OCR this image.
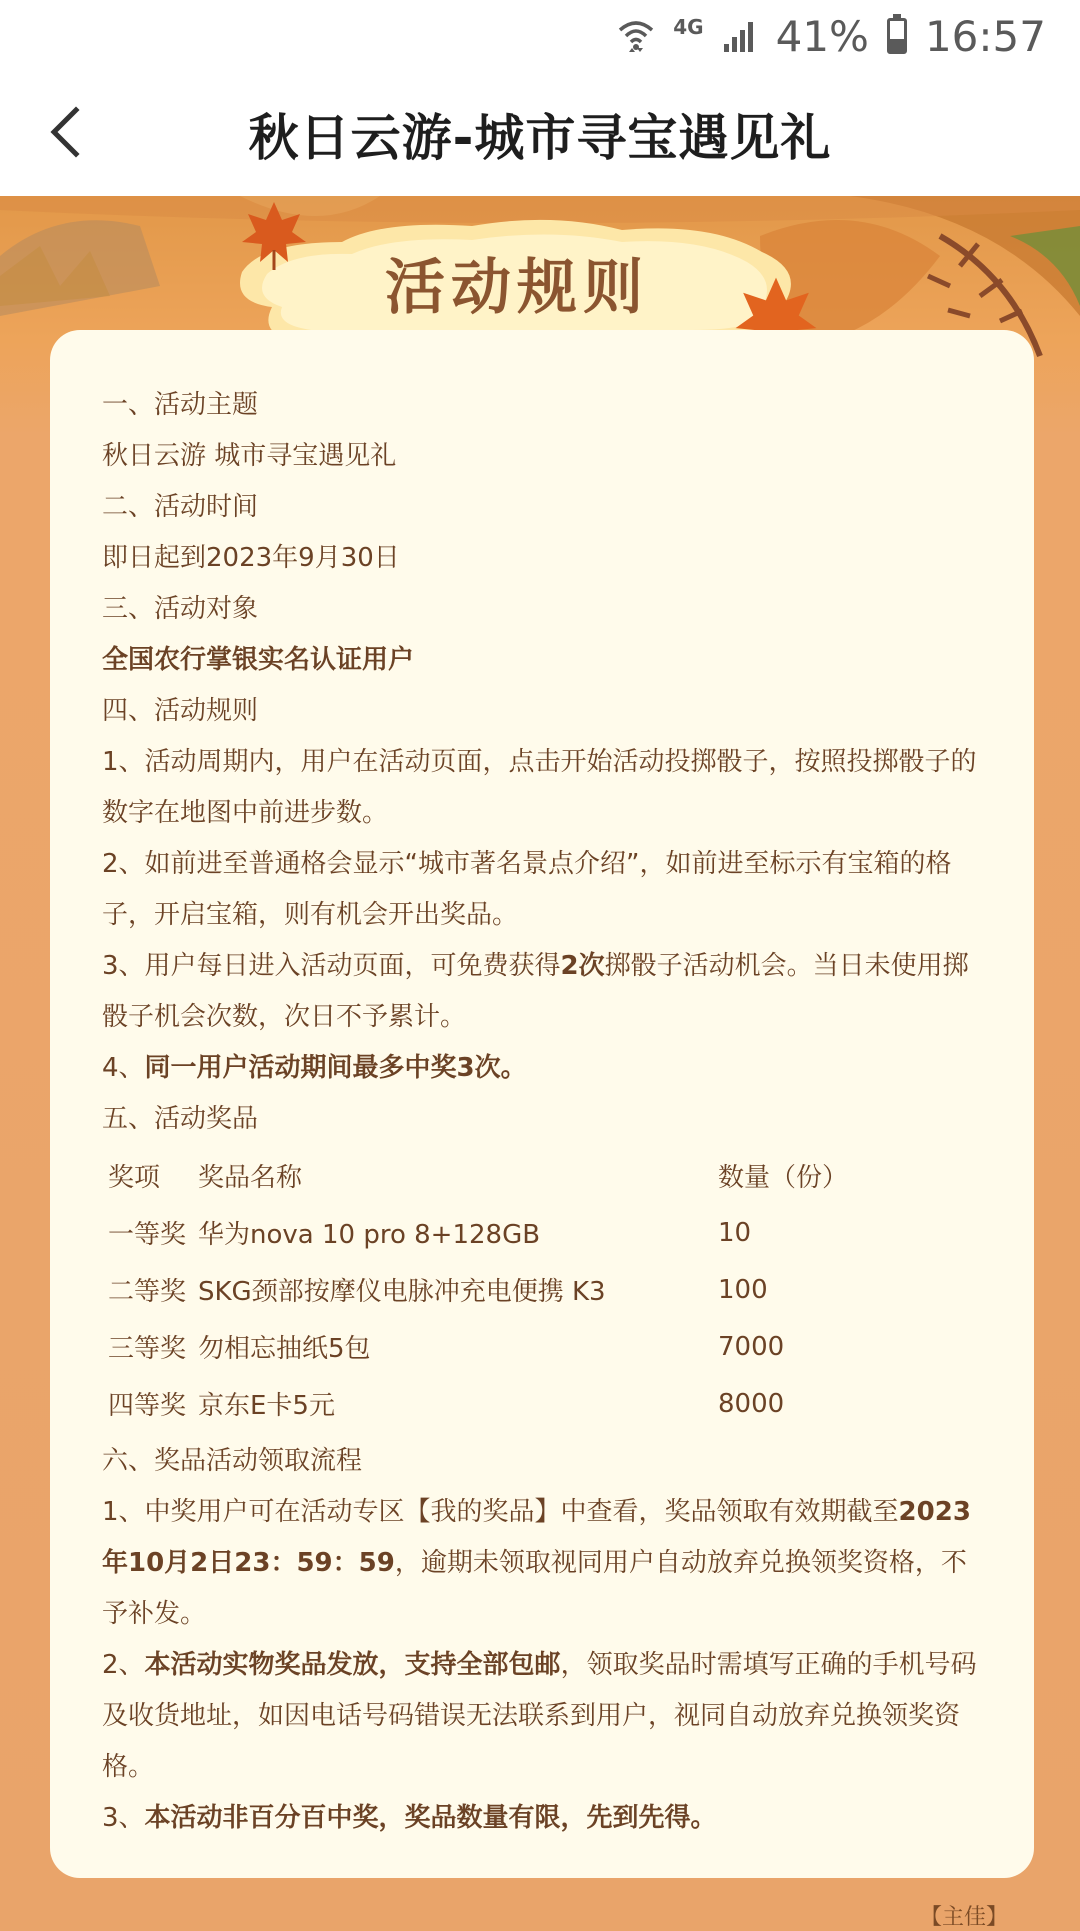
4G 41% 16:57
秋日云游-城市寻宝遇见礼
一、活动主题
秋日云游 城市寻宝遇见礼
二、活动时间
即日起到2023年9月30日
三、活动对象
全国农行掌银实名认证用户
四、活动规则
1、活动周期内，用户在活动页面，点击开始活动投掷骰子，按照投掷骰子的数字在地图中前进步数。
2、如前进至普通格会显示“城市著名景点介绍”，如前进至标示有宝箱的格子，开启宝箱，则有机会开出奖品。
3、用户每日进入活动页面，可免费获得2次掷骰子活动机会。当日未使用掷骰子机会次数，次日不予累计。
4、同一用户活动期间最多中奖3次。
五、活动奖品
奖项	奖品名称	数量（份）
一等奖	华为nova 10 pro 8+128GB	10
二等奖	SKG颈部按摩仪电脉冲充电便携 K3	100
三等奖	勿相忘抽纸5包	7000
四等奖	京东E卡5元	8000
六、奖品活动领取流程
1、中奖用户可在活动专区【我的奖品】中查看，奖品领取有效期截至2023年10月2日23：59：59，逾期未领取视同用户自动放弃兑换领奖资格，不予补发。
2、本活动实物奖品发放，支持全部包邮，领取奖品时需填写正确的手机号码及收货地址，如因电话号码错误无法联系到用户，视同自动放弃兑换领奖资格。
3、本活动非百分百中奖，奖品数量有限，先到先得。
活动规则
【主佳】
